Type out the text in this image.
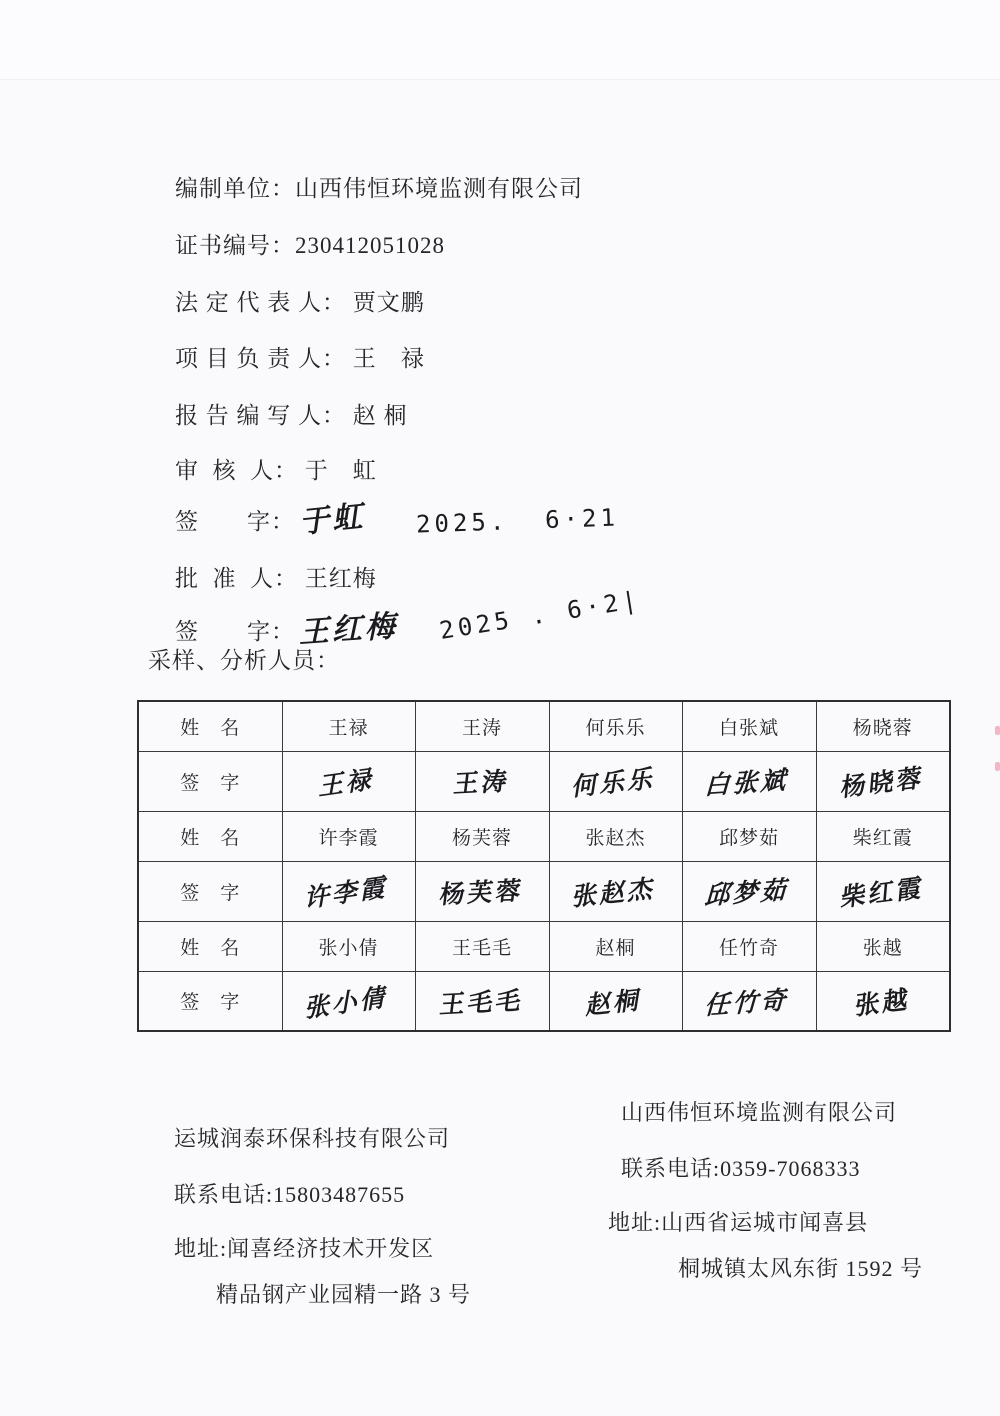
编制单位：山西伟恒环境监测有限公司

证书编号：230412051028

法 定 代 表 人： 贾文鹏

项 目 负 责 人： 王　禄

报 告 编 写 人： 赵 桐

审  核  人： 于　虹

签　　字： 于虹 2025.  6·21

批  准  人： 王红梅

签　　字： 王红梅 2025 . 6·2|

采样、分析人员：
姓　名	王禄	王涛	何乐乐	白张斌	杨晓蓉
签　字	王禄	王涛	何乐乐	白张斌	杨晓蓉
姓　名	许李霞	杨芙蓉	张赵杰	邱梦茹	柴红霞
签　字	许李霞	杨芙蓉	张赵杰	邱梦茹	柴红霞
姓　名	张小倩	王毛毛	赵桐	任竹奇	张越
签　字	张小倩	王毛毛	赵桐	任竹奇	张越

运城润泰环保科技有限公司

山西伟恒环境监测有限公司

联系电话:15803487655

联系电话:0359-7068333

地址:闻喜经济技术开发区

地址:山西省运城市闻喜县

精品钢产业园精一路 3 号

桐城镇太风东街 1592 号
